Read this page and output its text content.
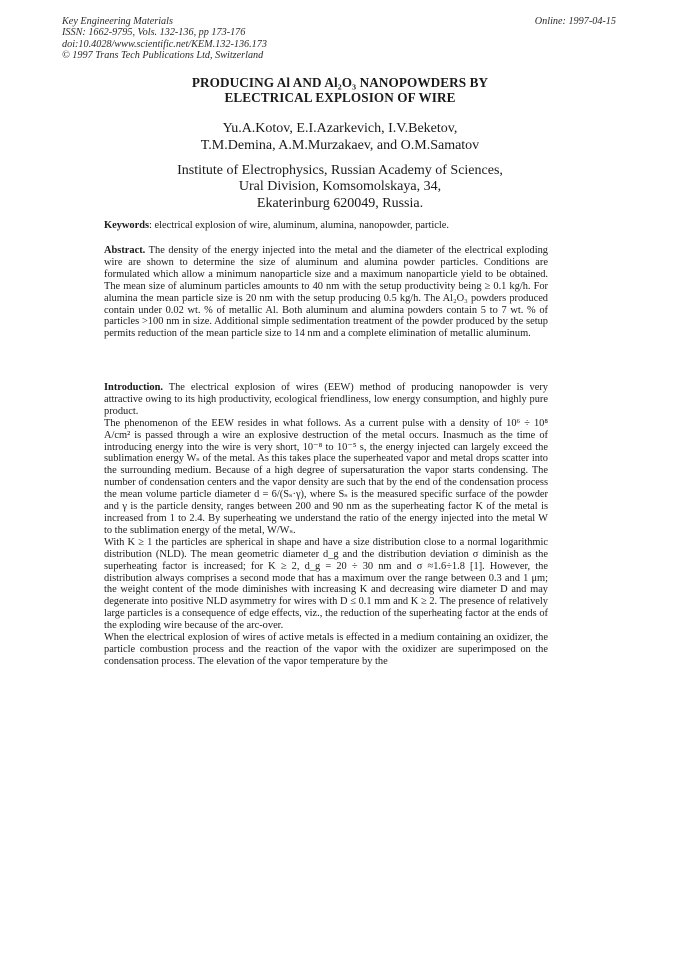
Key Engineering Materials
ISSN: 1662-9795, Vols. 132-136, pp 173-176
doi:10.4028/www.scientific.net/KEM.132-136.173
© 1997 Trans Tech Publications Ltd, Switzerland
Online: 1997-04-15
PRODUCING Al AND Al₂O₃ NANOPOWDERS BY
ELECTRICAL EXPLOSION OF WIRE
Yu.A.Kotov, E.I.Azarkevich, I.V.Beketov,
T.M.Demina, A.M.Murzakaev, and O.M.Samatov
Institute of Electrophysics, Russian Academy of Sciences,
Ural Division, Komsomolskaya, 34,
Ekaterinburg 620049, Russia.
Keywords: electrical explosion of wire, aluminum, alumina, nanopowder, particle.

Abstract. The density of the energy injected into the metal and the diameter of the electrical exploding wire are shown to determine the size of aluminum and alumina powder particles. Conditions are formulated which allow a minimum nanoparticle size and a maximum nanoparticle yield to be obtained. The mean size of aluminum particles amounts to 40 nm with the setup productivity being ≥ 0.1 kg/h. For alumina the mean particle size is 20 nm with the setup producing 0.5 kg/h. The Al₂O₃ powders produced contain under 0.02 wt. % of metallic Al. Both aluminum and alumina powders contain 5 to 7 wt. % of particles >100 nm in size. Additional simple sedimentation treatment of the powder produced by the setup permits reduction of the mean particle size to 14 nm and a complete elimination of metallic aluminum.

Introduction. The electrical explosion of wires (EEW) method of producing nanopowder is very attractive owing to its high productivity, ecological friendliness, low energy consumption, and highly pure product.

The phenomenon of the EEW resides in what follows. As a current pulse with a density of 10⁶ ÷ 10⁸ A/cm² is passed through a wire an explosive destruction of the metal occurs. Inasmuch as the time of introducing energy into the wire is very short, 10⁻⁸ to 10⁻⁵ s, the energy injected can largely exceed the sublimation energy Wₛ of the metal. As this takes place the superheated vapor and metal drops scatter into the surrounding medium. Because of a high degree of supersaturation the vapor starts condensing. The number of condensation centers and the vapor density are such that by the end of the condensation process the mean volume particle diameter d = 6/(Sₛ·γ), where Sₛ is the measured specific surface of the powder and γ is the particle density, ranges between 200 and 90 nm as the superheating factor K of the metal is increased from 1 to 2.4. By superheating we understand the ratio of the energy injected into the metal W to the sublimation energy of the metal, W/Wₛ.

With K ≥ 1 the particles are spherical in shape and have a size distribution close to a normal logarithmic distribution (NLD). The mean geometric diameter d_g and the distribution deviation σ diminish as the superheating factor is increased; for K ≥ 2, d_g = 20 ÷ 30 nm and σ ≈1.6÷1.8 [1]. However, the distribution always comprises a second mode that has a maximum over the range between 0.3 and 1 μm; the weight content of the mode diminishes with increasing K and decreasing wire diameter D and may degenerate into positive NLD asymmetry for wires with D ≤ 0.1 mm and K ≥ 2. The presence of relatively large particles is a consequence of edge effects, viz., the reduction of the superheating factor at the ends of the exploding wire because of the arc-over.

When the electrical explosion of wires of active metals is effected in a medium containing an oxidizer, the particle combustion process and the reaction of the vapor with the oxidizer are superimposed on the condensation process. The elevation of the vapor temperature by the
